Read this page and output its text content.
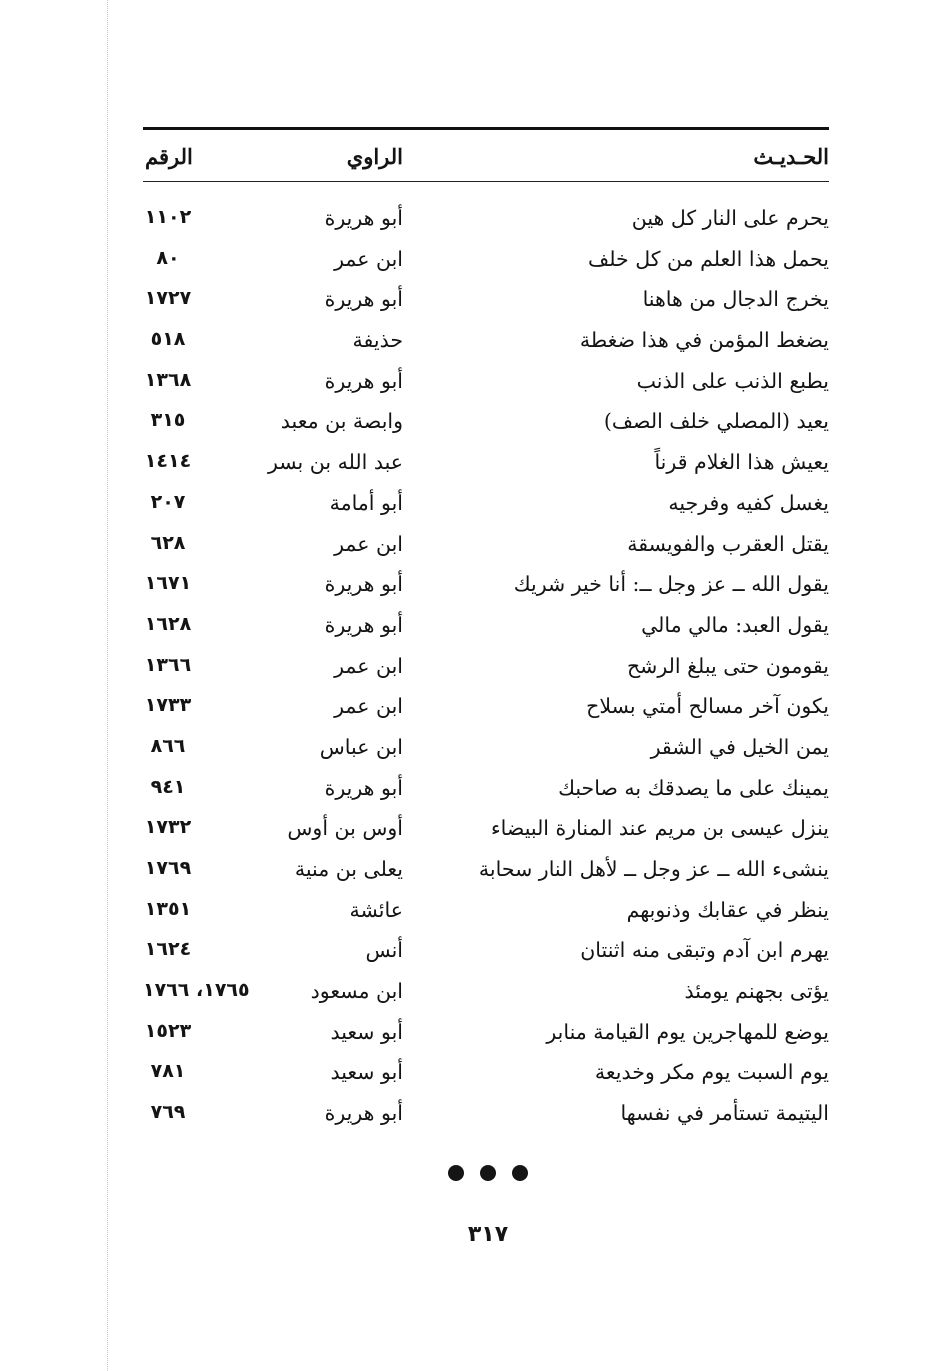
الحـديـث
الراوي
الرقم
يحرم على النار كل هين
أبو هريرة
١١٠٢
يحمل هذا العلم من كل خلف
ابن عمر
٨٠
يخرج الدجال من هاهنا
أبو هريرة
١٧٢٧
يضغط المؤمن في هذا ضغطة
حذيفة
٥١٨
يطبع الذنب على الذنب
أبو هريرة
١٣٦٨
يعيد (المصلي خلف الصف)
وابصة بن معبد
٣١٥
يعيش هذا الغلام قرناً
عبد الله بن بسر
١٤١٤
يغسل كفيه وفرجيه
أبو أمامة
٢٠٧
يقتل العقرب والفويسقة
ابن عمر
٦٢٨
يقول الله ــ عز وجل ــ: أنا خير شريك
أبو هريرة
١٦٧١
يقول العبد: مالي مالي
أبو هريرة
١٦٢٨
يقومون حتى يبلغ الرشح
ابن عمر
١٣٦٦
يكون آخر مسالح أمتي بسلاح
ابن عمر
١٧٣٣
يمن الخيل في الشقر
ابن عباس
٨٦٦
يمينك على ما يصدقك به صاحبك
أبو هريرة
٩٤١
ينزل عيسى بن مريم عند المنارة البيضاء
أوس بن أوس
١٧٣٢
ينشىء الله ــ عز وجل ــ لأهل النار سحابة
يعلى بن منية
١٧٦٩
ينظر في عقابك وذنوبهم
عائشة
١٣٥١
يهرم ابن آدم وتبقى منه اثنتان
أنس
١٦٢٤
يؤتى بجهنم يومئذ
ابن مسعود
١٧٦٥، ١٧٦٦
يوضع للمهاجرين يوم القيامة منابر
أبو سعيد
١٥٢٣
يوم السبت يوم مكر وخديعة
أبو سعيد
٧٨١
اليتيمة تستأمر في نفسها
أبو هريرة
٧٦٩
٣١٧
